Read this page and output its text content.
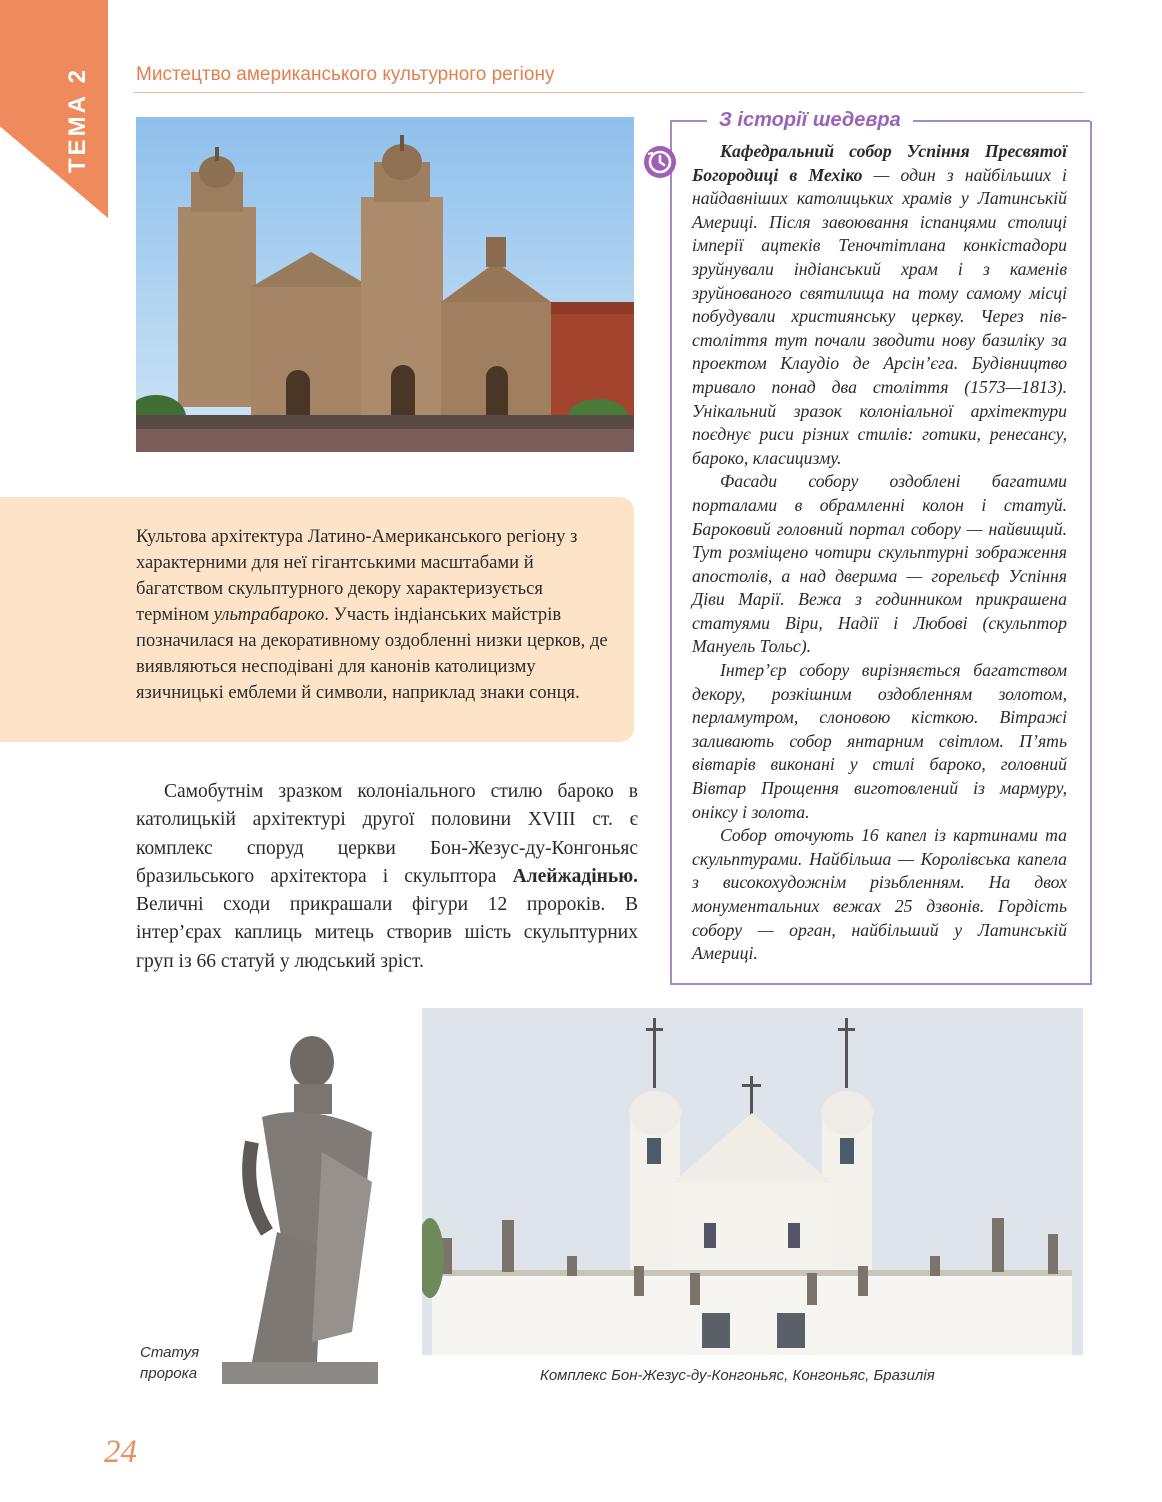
ТЕМА 2 Мистецтво американського культурного регіону
Культова архітектура Латино-Американського регіону з характерними для неї гігантськими масштабами й багатством скульптурного декору характеризується терміном ультрабароко. Участь індіанських майстрів позначилася на декоративному оздобленні низки церков, де виявляються несподівані для канонів католицизму язичницькі емблеми й символи, наприклад знаки сонця.

Самобутнім зразком колоніального стилю бароко в католицькій архітектурі другої половини XVIII ст. є комплекс споруд церкви Бон-Жезус-ду-Конгоньяс бразильського архітектора і скульптора Алейжадінью. Величні сходи прикрашали фігури 12 пророків. В інтер’єрах каплиць митець створив шість скульптурних груп із 66 статуй у людський зріст.

З історії шедевра

Кафедральний собор Успіння Пресвятої Богородиці в Мехіко — один з найбільших і найдавніших католицьких храмів у Латинській Америці. Після завоювання іспанцями столиці імперії ацтеків Теночтітлана конкістадори зруйнували індіанський храм і з каменів зруйнованого святилища на тому самому місці побудували християнську церкву. Через півстоліття тут почали зводити нову базиліку за проектом Клаудіо де Арсін’єга. Будівництво тривало понад два століття (1573—1813). Унікальний зразок колоніальної архітектури поєднує риси різних стилів: готики, ренесансу, бароко, класицизму.

Фасади собору оздоблені багатими порталами в обрамленні колон і статуй. Бароковий головний портал собору — найвищий. Тут розміщено чотири скульптурні зображення апостолів, а над дверима — горельєф Успіння Діви Марії. Вежа з годинником прикрашена статуями Віри, Надії і Любові (скульптор Мануель Тольс).

Інтер’єр собору вирізняється багатством декору, розкішним оздобленням золотом, перламутром, слоновою кісткою. Вітражі заливають собор янтарним світлом. П’ять вівтарів виконані у стилі бароко, головний Вівтар Прощення виготовлений із мармуру, оніксу і золота.

Собор оточують 16 капел із картинами та скульптурами. Найбільша — Королівська капела з високохудожнім різьбленням. На двох монументальних вежах 25 дзвонів. Гордість собору — орган, найбільший у Латинській Америці.

Статуя
пророка	Комплекс Бон-Жезус-ду-Конгоньяс, Конгоньяс, Бразилія
24
